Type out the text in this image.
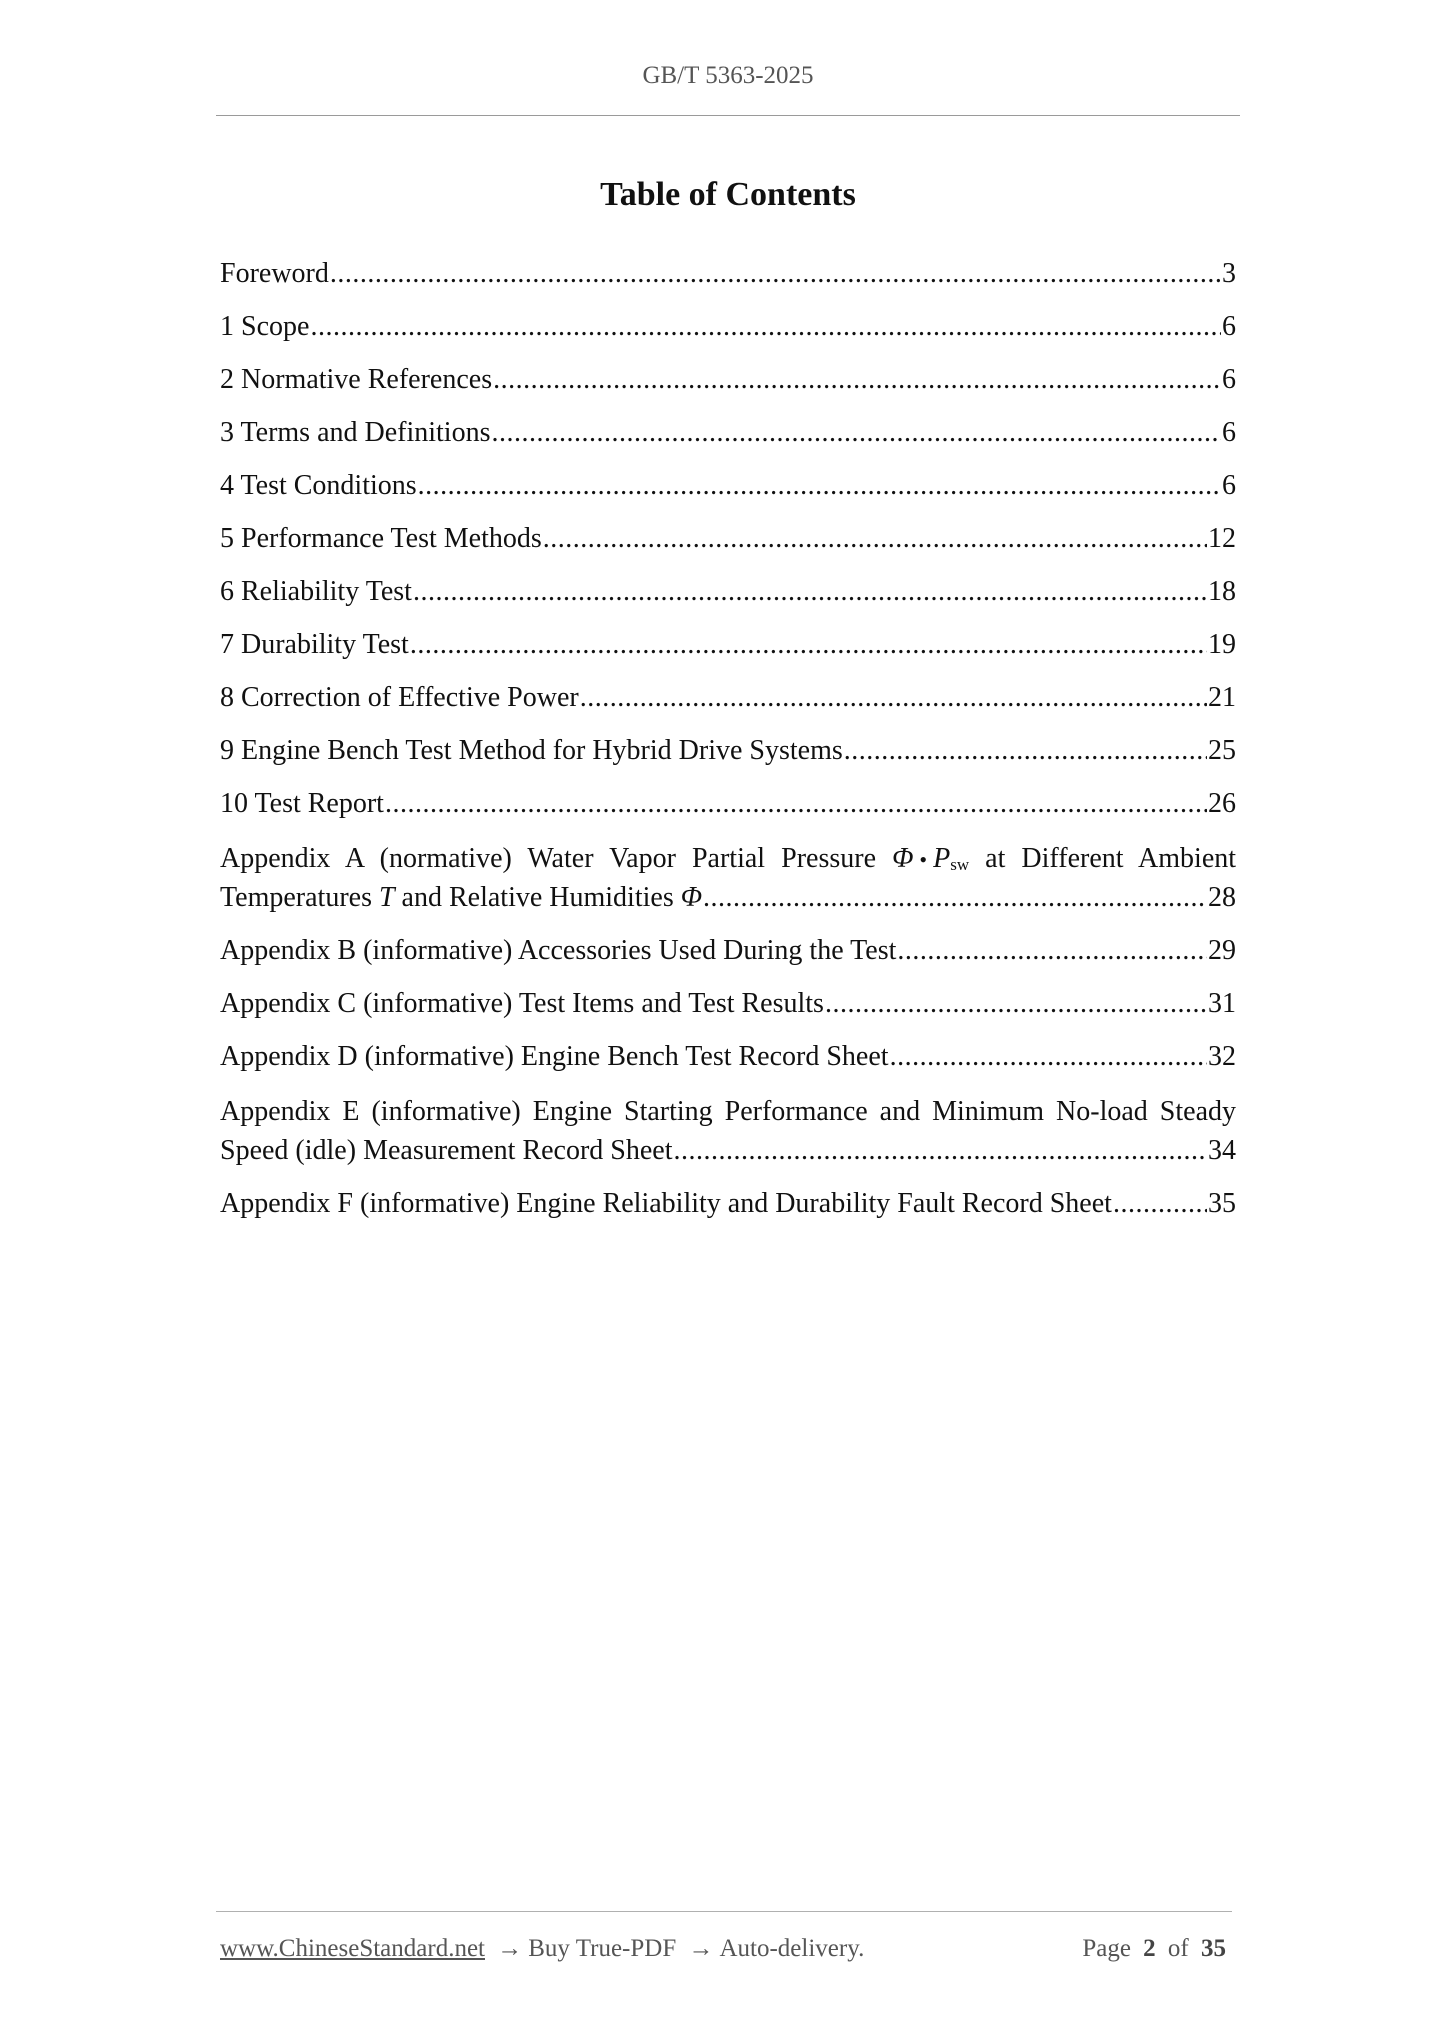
GB/T 5363-2025
Table of Contents
Foreword .....	3
1 Scope .....	6
2 Normative References .....	6
3 Terms and Definitions .....	6
4 Test Conditions .....	6
5 Performance Test Methods .....	12
6 Reliability Test .....	18
7 Durability Test .....	19
8 Correction of Effective Power .....	21
9 Engine Bench Test Method for Hybrid Drive Systems .....	25
10 Test Report .....	26
Appendix A (normative) Water Vapor Partial Pressure Φ • $P_{sw}$ at Different Ambient
Temperatures T and Relative Humidities Φ .....	28
Appendix B (informative) Accessories Used During the Test .....	29
Appendix C (informative) Test Items and Test Results .....	31
Appendix D (informative) Engine Bench Test Record Sheet .....	32
Appendix E (informative) Engine Starting Performance and Minimum No-load Steady
Speed (idle) Measurement Record Sheet .....	34
Appendix F (informative) Engine Reliability and Durability Fault Record Sheet .....	35
www.ChineseStandard.net → Buy True-PDF → Auto-delivery.	Page 2 of 35
